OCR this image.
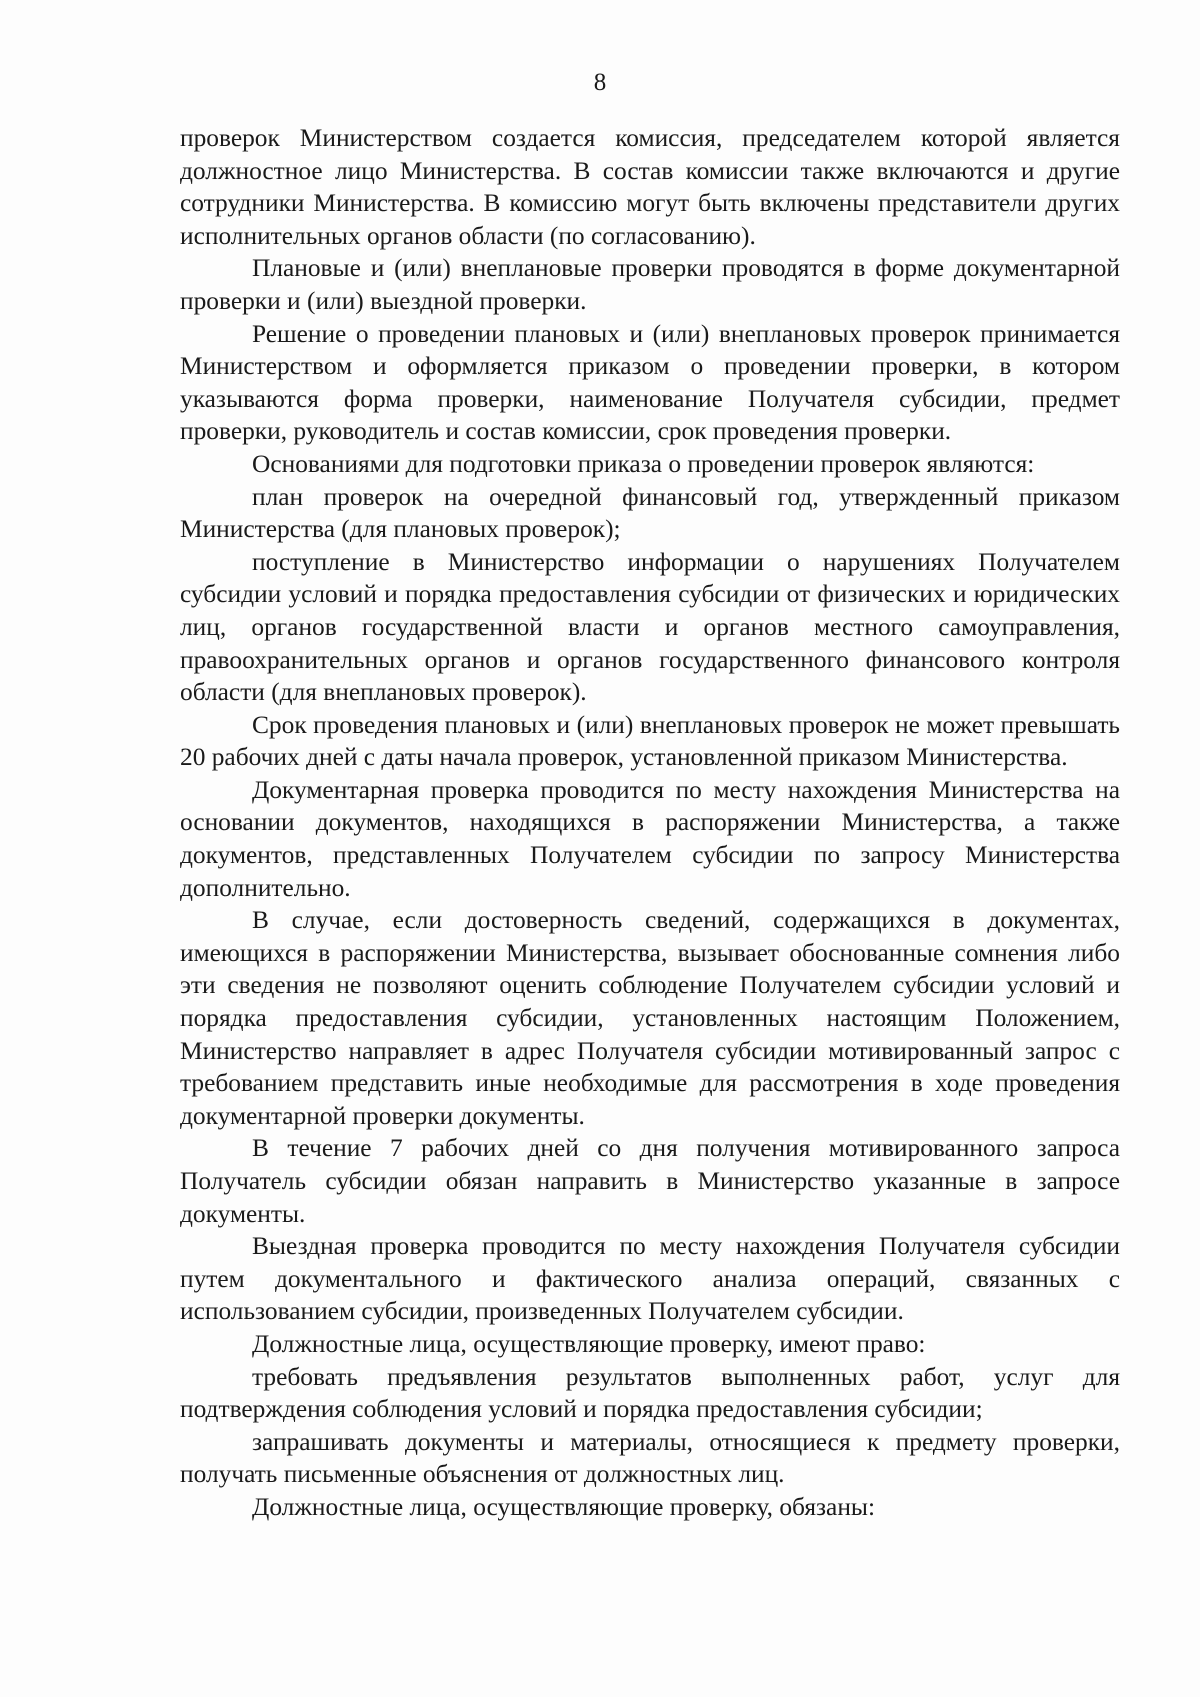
8

проверок Министерством создается комиссия, председателем которой является должностное лицо Министерства. В состав комиссии также включаются и другие сотрудники Министерства. В комиссию могут быть включены представители других исполнительных органов области (по согласованию).

Плановые и (или) внеплановые проверки проводятся в форме документарной проверки и (или) выездной проверки.

Решение о проведении плановых и (или) внеплановых проверок принимается Министерством и оформляется приказом о проведении проверки, в котором указываются форма проверки, наименование Получателя субсидии, предмет проверки, руководитель и состав комиссии, срок проведения проверки.

Основаниями для подготовки приказа о проведении проверок являются:

план проверок на очередной финансовый год, утвержденный приказом Министерства (для плановых проверок);

поступление в Министерство информации о нарушениях Получателем субсидии условий и порядка предоставления субсидии от физических и юридических лиц, органов государственной власти и органов местного самоуправления, правоохранительных органов и органов государственного финансового контроля области (для внеплановых проверок).

Срок проведения плановых и (или) внеплановых проверок не может превышать 20 рабочих дней с даты начала проверок, установленной приказом Министерства.

Документарная проверка проводится по месту нахождения Министерства на основании документов, находящихся в распоряжении Министерства, а также документов, представленных Получателем субсидии по запросу Министерства дополнительно.

В случае, если достоверность сведений, содержащихся в документах, имеющихся в распоряжении Министерства, вызывает обоснованные сомнения либо эти сведения не позволяют оценить соблюдение Получателем субсидии условий и порядка предоставления субсидии, установленных настоящим Положением, Министерство направляет в адрес Получателя субсидии мотивированный запрос с требованием представить иные необходимые для рассмотрения в ходе проведения документарной проверки документы.

В течение 7 рабочих дней со дня получения мотивированного запроса Получатель субсидии обязан направить в Министерство указанные в запросе документы.

Выездная проверка проводится по месту нахождения Получателя субсидии путем документального и фактического анализа операций, связанных с использованием субсидии, произведенных Получателем субсидии.

Должностные лица, осуществляющие проверку, имеют право:

требовать предъявления результатов выполненных работ, услуг для подтверждения соблюдения условий и порядка предоставления субсидии;

запрашивать документы и материалы, относящиеся к предмету проверки, получать письменные объяснения от должностных лиц.

Должностные лица, осуществляющие проверку, обязаны:
